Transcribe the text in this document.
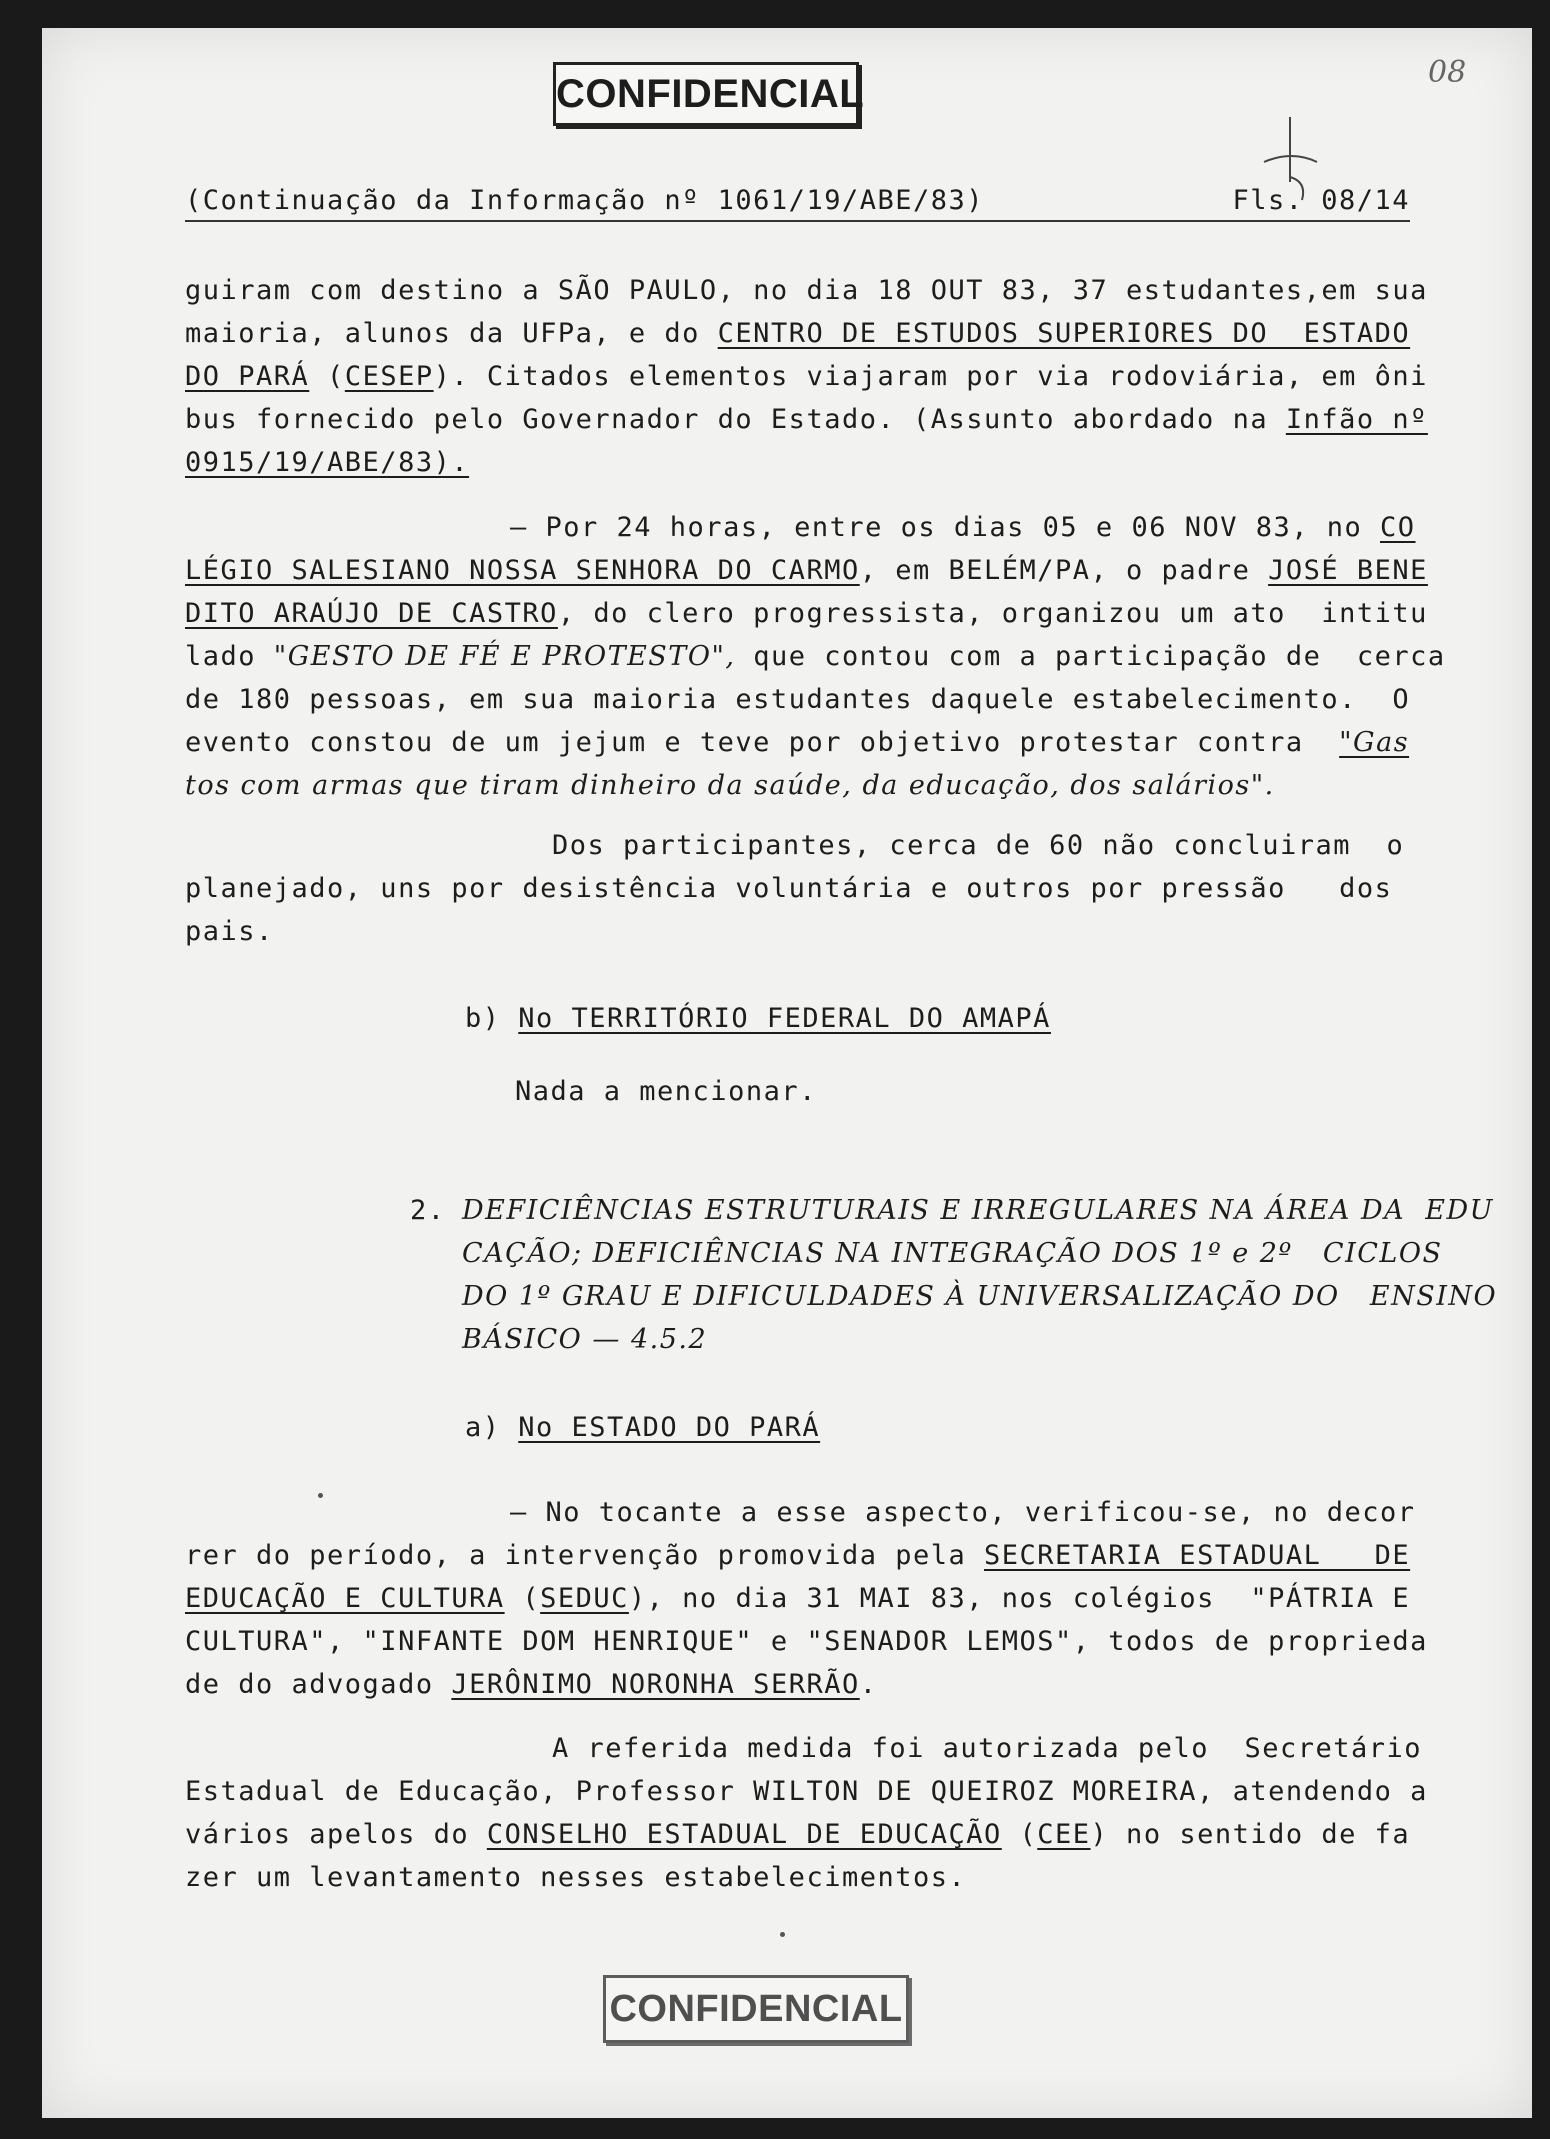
CONFIDENCIAL	08
(Continuação da Informação nº 1061/19/ABE/83)	Fls. 08/14
guiram com destino a SÃO PAULO, no dia 18 OUT 83, 37 estudantes,em sua
maioria, alunos da UFPa, e do CENTRO DE ESTUDOS SUPERIORES DO  ESTADO
DO PARÁ (CESEP). Citados elementos viajaram por via rodoviária, em ôni
bus fornecido pelo Governador do Estado. (Assunto abordado na Infão nº
0915/19/ABE/83).
— Por 24 horas, entre os dias 05 e 06 NOV 83, no CO
LÉGIO SALESIANO NOSSA SENHORA DO CARMO, em BELÉM/PA, o padre JOSÉ BENE
DITO ARAÚJO DE CASTRO, do clero progressista, organizou um ato  intitu
lado "GESTO DE FÉ E PROTESTO", que contou com a participação de  cerca
de 180 pessoas, em sua maioria estudantes daquele estabelecimento.  O
evento constou de um jejum e teve por objetivo protestar contra  "Gas
tos com armas que tiram dinheiro da saúde, da educação, dos salários".
Dos participantes, cerca de 60 não concluiram  o
planejado, uns por desistência voluntária e outros por pressão   dos
pais.
b) No TERRITÓRIO FEDERAL DO AMAPÁ
Nada a mencionar.
2. DEFICIÊNCIAS ESTRUTURAIS E IRREGULARES NA ÁREA DA  EDU
CAÇÃO; DEFICIÊNCIAS NA INTEGRAÇÃO DOS 1º e 2º   CICLOS
DO 1º GRAU E DIFICULDADES À UNIVERSALIZAÇÃO DO   ENSINO
BÁSICO — 4.5.2
a) No ESTADO DO PARÁ
— No tocante a esse aspecto, verificou-se, no decor
rer do período, a intervenção promovida pela SECRETARIA ESTADUAL   DE
EDUCAÇÃO E CULTURA (SEDUC), no dia 31 MAI 83, nos colégios  "PÁTRIA E
CULTURA", "INFANTE DOM HENRIQUE" e "SENADOR LEMOS", todos de proprieda
de do advogado JERÔNIMO NORONHA SERRÃO.
A referida medida foi autorizada pelo  Secretário
Estadual de Educação, Professor WILTON DE QUEIROZ MOREIRA, atendendo a
vários apelos do CONSELHO ESTADUAL DE EDUCAÇÃO (CEE) no sentido de fa
zer um levantamento nesses estabelecimentos.
CONFIDENCIAL
